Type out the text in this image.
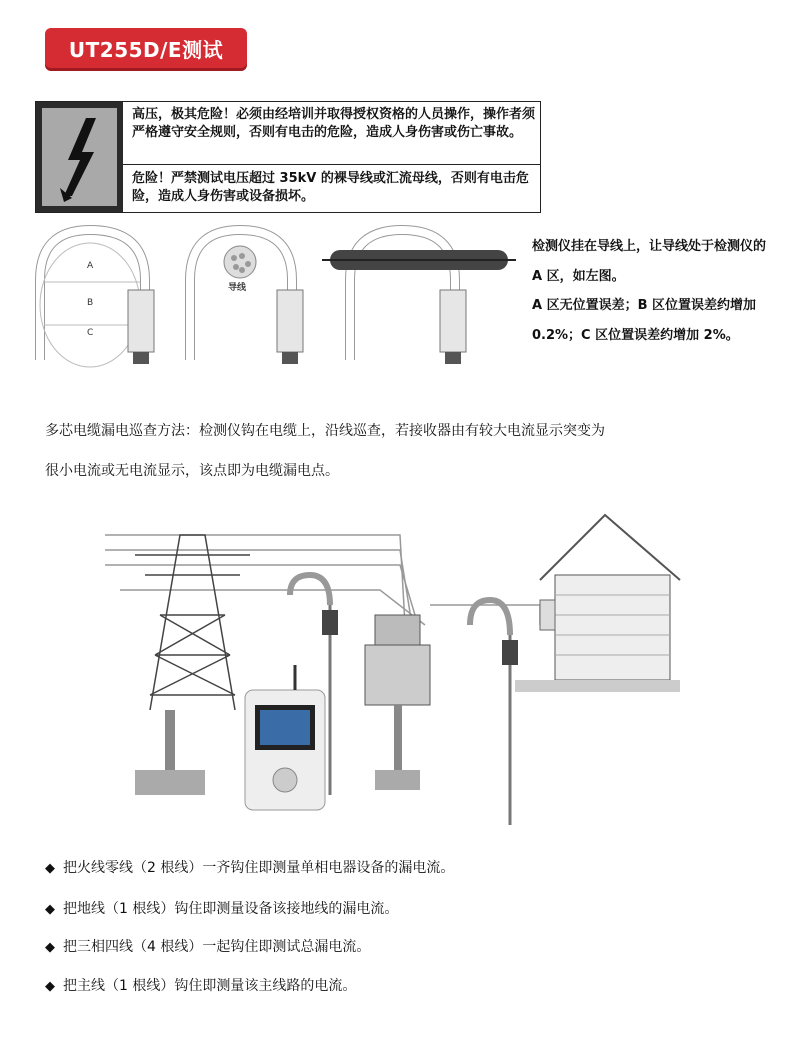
UT255D/E测试
高压，极其危险！必须由经培训并取得授权资格的人员操作，操作者须严格遵守安全规则，否则有电击的危险，造成人身伤害或伤亡事故。
危险！严禁测试电压超过 35kV 的裸导线或汇流母线，否则有电击危险，造成人身伤害或设备损坏。
A
B
C
导线
检测仪挂在导线上，让导线处于检测仪的 A 区，如左图。
A 区无位置误差；B 区位置误差约增加 0.2%；C 区位置误差约增加 2%。
多芯电缆漏电巡查方法：检测仪钩在电缆上，沿线巡查，若接收器由有较大电流显示突变为
很小电流或无电流显示，该点即为电缆漏电点。
◆ 把火线零线（2 根线）一齐钩住即测量单相电器设备的漏电流。
◆ 把地线（1 根线）钩住即测量设备该接地线的漏电流。
◆ 把三相四线（4 根线）一起钩住即测试总漏电流。
◆ 把主线（1 根线）钩住即测量该主线路的电流。
